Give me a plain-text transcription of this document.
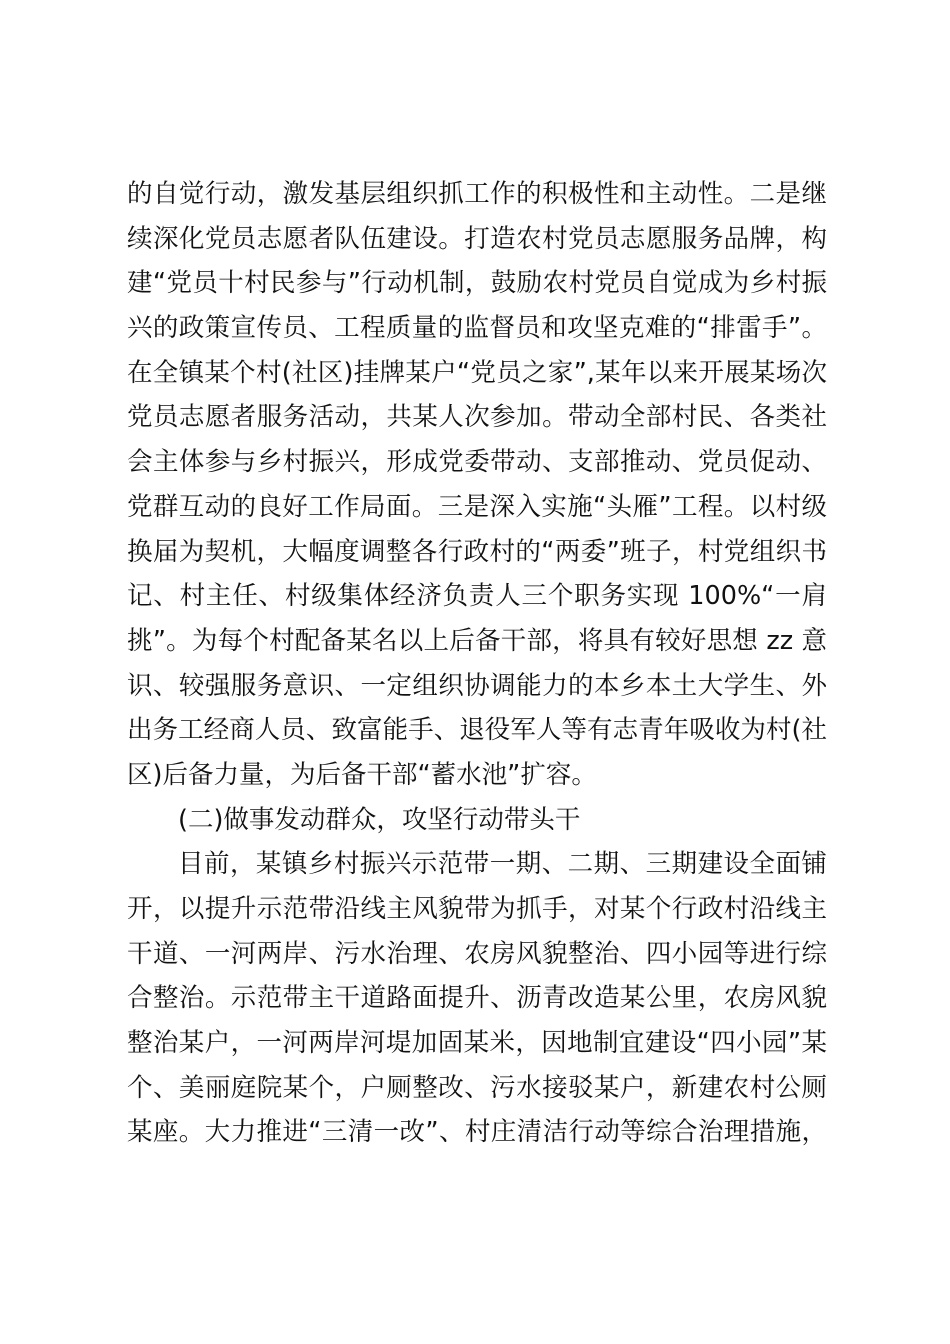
的自觉行动，激发基层组织抓工作的积极性和主动性。二是继
续深化党员志愿者队伍建设。打造农村党员志愿服务品牌，构
建“党员十村民参与”行动机制，鼓励农村党员自觉成为乡村振
兴的政策宣传员、工程质量的监督员和攻坚克难的“排雷手”。
在全镇某个村(社区)挂牌某户“党员之家”,某年以来开展某场次
党员志愿者服务活动，共某人次参加。带动全部村民、各类社
会主体参与乡村振兴，形成党委带动、支部推动、党员促动、
党群互动的良好工作局面。三是深入实施“头雁”工程。以村级
换届为契机，大幅度调整各行政村的“两委”班子，村党组织书
记、村主任、村级集体经济负责人三个职务实现 100%“一肩
挑”。为每个村配备某名以上后备干部，将具有较好思想 zz 意
识、较强服务意识、一定组织协调能力的本乡本土大学生、外
出务工经商人员、致富能手、退役军人等有志青年吸收为村(社
区)后备力量，为后备干部“蓄水池”扩容。
(二)做事发动群众，攻坚行动带头干
目前，某镇乡村振兴示范带一期、二期、三期建设全面铺
开，以提升示范带沿线主风貌带为抓手，对某个行政村沿线主
干道、一河两岸、污水治理、农房风貌整治、四小园等进行综
合整治。示范带主干道路面提升、沥青改造某公里，农房风貌
整治某户，一河两岸河堤加固某米，因地制宜建设“四小园”某
个、美丽庭院某个，户厕整改、污水接驳某户，新建农村公厕
某座。大力推进“三清一改”、村庄清洁行动等综合治理措施，
